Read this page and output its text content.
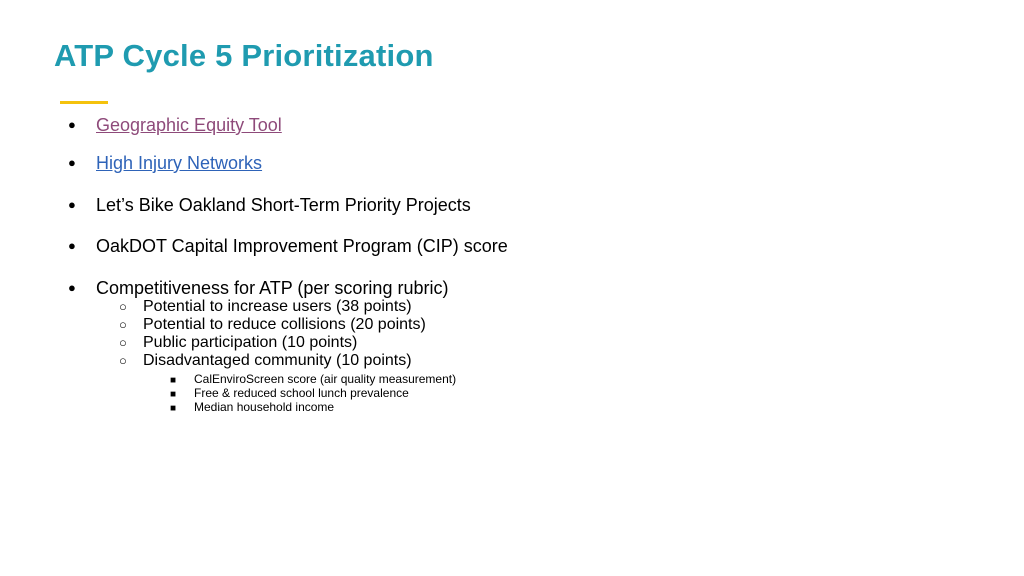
ATP Cycle 5 Prioritization
● Geographic Equity Tool
● High Injury Networks
● Let’s Bike Oakland Short-Term Priority Projects
● OakDOT Capital Improvement Program (CIP) score
● Competitiveness for ATP (per scoring rubric)
○ Potential to increase users (38 points)
○ Potential to reduce collisions (20 points)
○ Public participation (10 points)
○ Disadvantaged community (10 points)
■ CalEnviroScreen score (air quality measurement)
■ Free & reduced school lunch prevalence
■ Median household income
